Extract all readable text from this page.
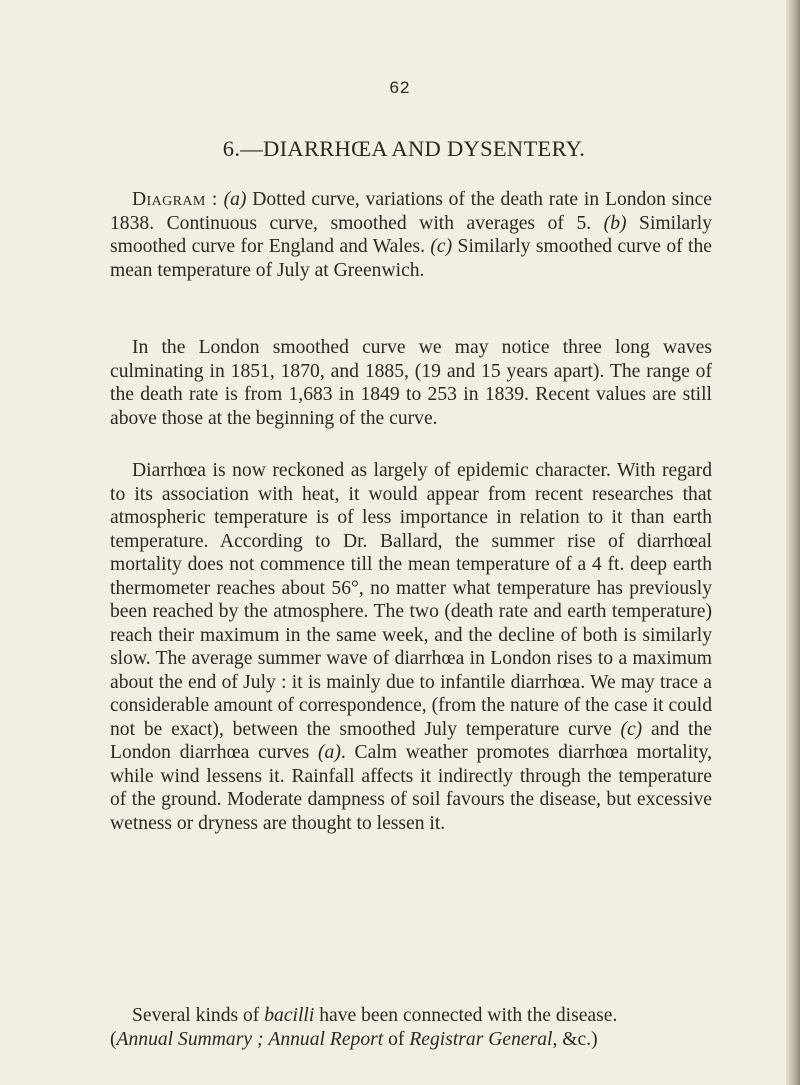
62
6.—DIARRHŒA AND DYSENTERY.

Diagram : (a) Dotted curve, variations of the death rate in London since 1838. Continuous curve, smoothed with averages of 5. (b) Similarly smoothed curve for England and Wales. (c) Similarly smoothed curve of the mean temperature of July at Greenwich.

In the London smoothed curve we may notice three long waves culminating in 1851, 1870, and 1885, (19 and 15 years apart). The range of the death rate is from 1,683 in 1849 to 253 in 1839. Recent values are still above those at the beginning of the curve.

Diarrhœa is now reckoned as largely of epidemic character. With regard to its association with heat, it would appear from recent researches that atmospheric temperature is of less importance in relation to it than earth temperature. According to Dr. Ballard, the summer rise of diarrhœal mortality does not commence till the mean temperature of a 4 ft. deep earth thermometer reaches about 56°, no matter what temperature has previously been reached by the atmosphere. The two (death rate and earth temperature) reach their maximum in the same week, and the decline of both is similarly slow. The average summer wave of diarrhœa in London rises to a maximum about the end of July : it is mainly due to infantile diarrhœa. We may trace a considerable amount of correspondence, (from the nature of the case it could not be exact), between the smoothed July temperature curve (c) and the London diarrhœa curves (a). Calm weather promotes diarrhœa mortality, while wind lessens it. Rainfall affects it indirectly through the temperature of the ground. Moderate dampness of soil favours the disease, but excessive wetness or dryness are thought to lessen it.

Several kinds of bacilli have been connected with the disease.
(Annual Summary ; Annual Report of Registrar General, &c.)
